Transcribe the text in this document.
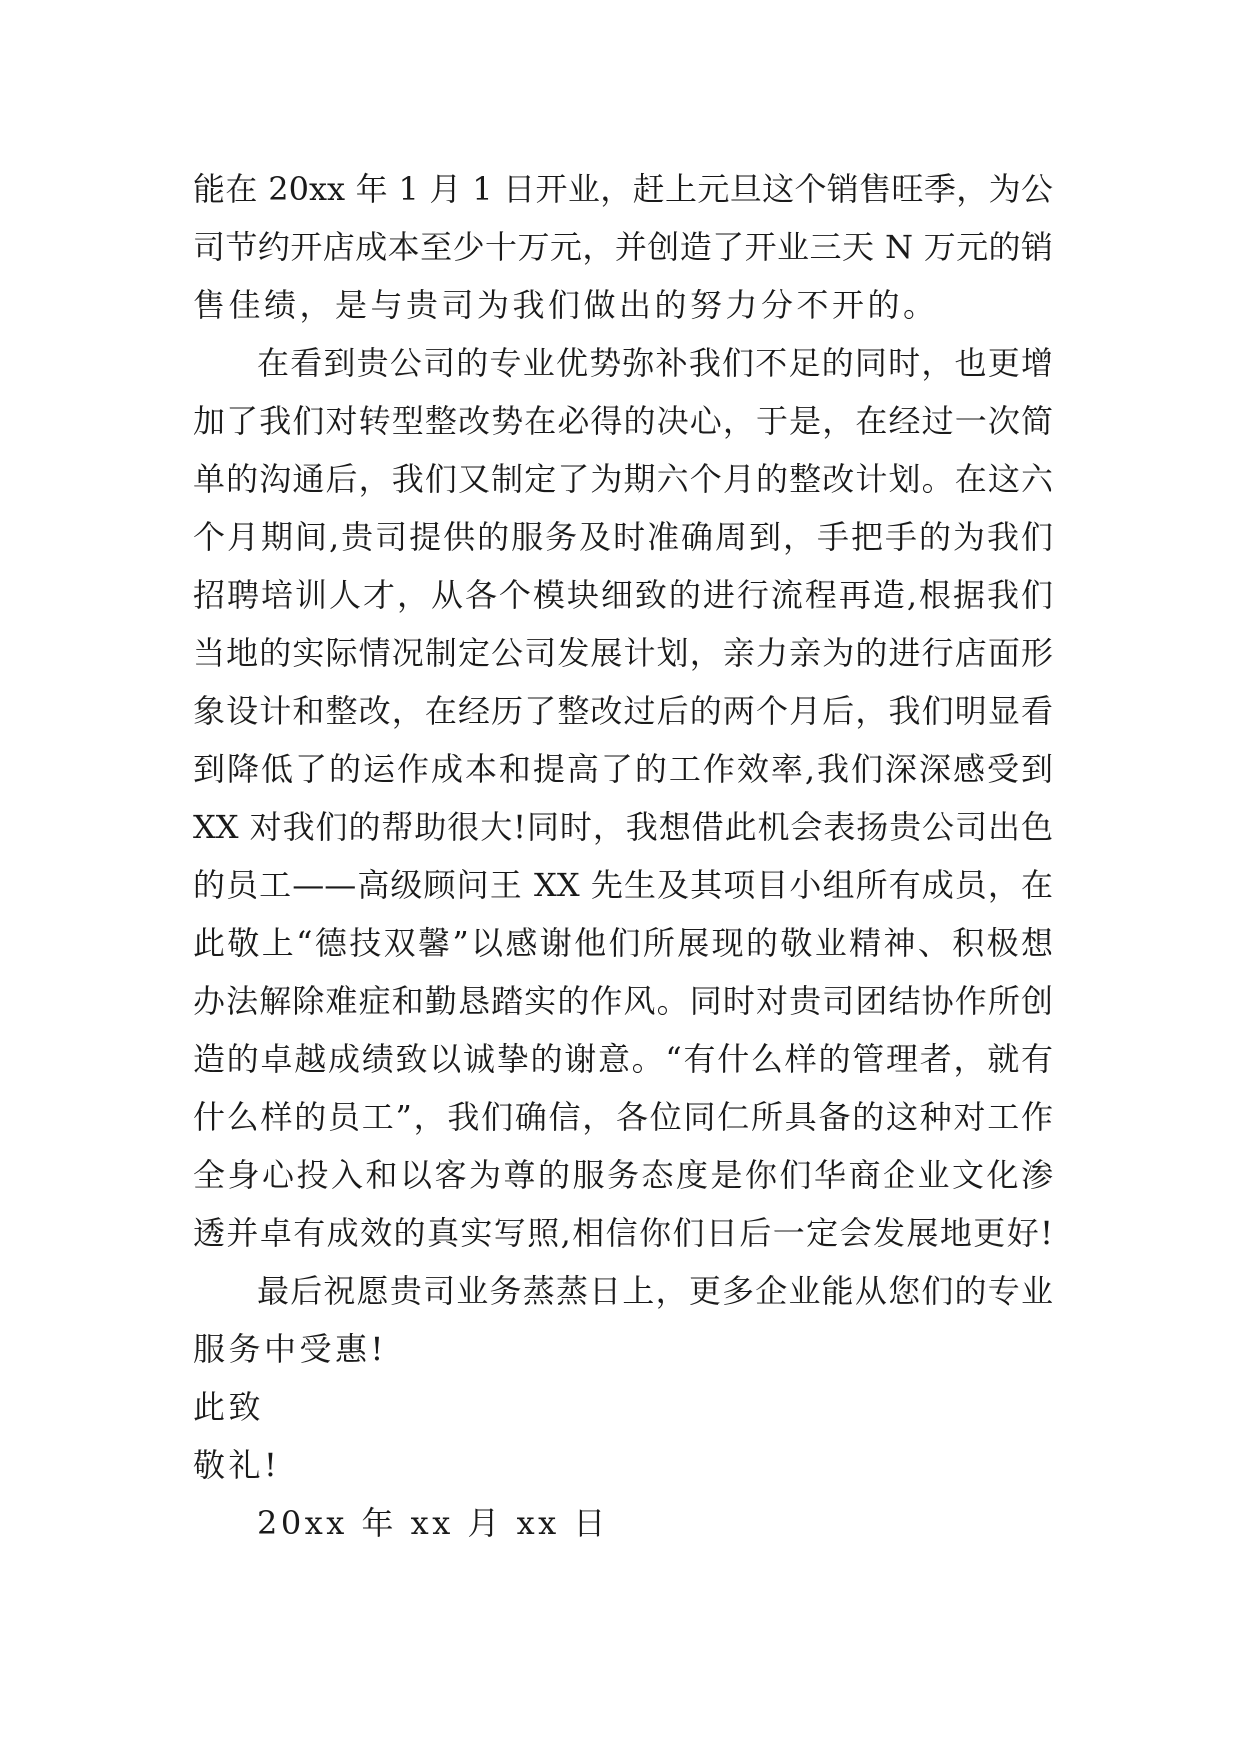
能在 20xx 年 1 月 1 日开业，赶上元旦这个销售旺季，为公
司节约开店成本至少十万元，并创造了开业三天 N 万元的销
售佳绩，是与贵司为我们做出的努力分不开的。
在看到贵公司的专业优势弥补我们不足的同时，也更增
加了我们对转型整改势在必得的决心，于是，在经过一次简
单的沟通后，我们又制定了为期六个月的整改计划。在这六
个月期间,贵司提供的服务及时准确周到，手把手的为我们
招聘培训人才，从各个模块细致的进行流程再造,根据我们
当地的实际情况制定公司发展计划，亲力亲为的进行店面形
象设计和整改，在经历了整改过后的两个月后，我们明显看
到降低了的运作成本和提高了的工作效率,我们深深感受到
XX 对我们的帮助很大!同时，我想借此机会表扬贵公司出色
的员工——高级顾问王 XX 先生及其项目小组所有成员，在
此敬上“德技双馨”以感谢他们所展现的敬业精神、积极想
办法解除难症和勤恳踏实的作风。同时对贵司团结协作所创
造的卓越成绩致以诚挚的谢意。“有什么样的管理者，就有
什么样的员工”，我们确信，各位同仁所具备的这种对工作
全身心投入和以客为尊的服务态度是你们华商企业文化渗
透并卓有成效的真实写照,相信你们日后一定会发展地更好!
最后祝愿贵司业务蒸蒸日上，更多企业能从您们的专业
服务中受惠!
此致
敬礼!
20xx 年 xx 月 xx 日
